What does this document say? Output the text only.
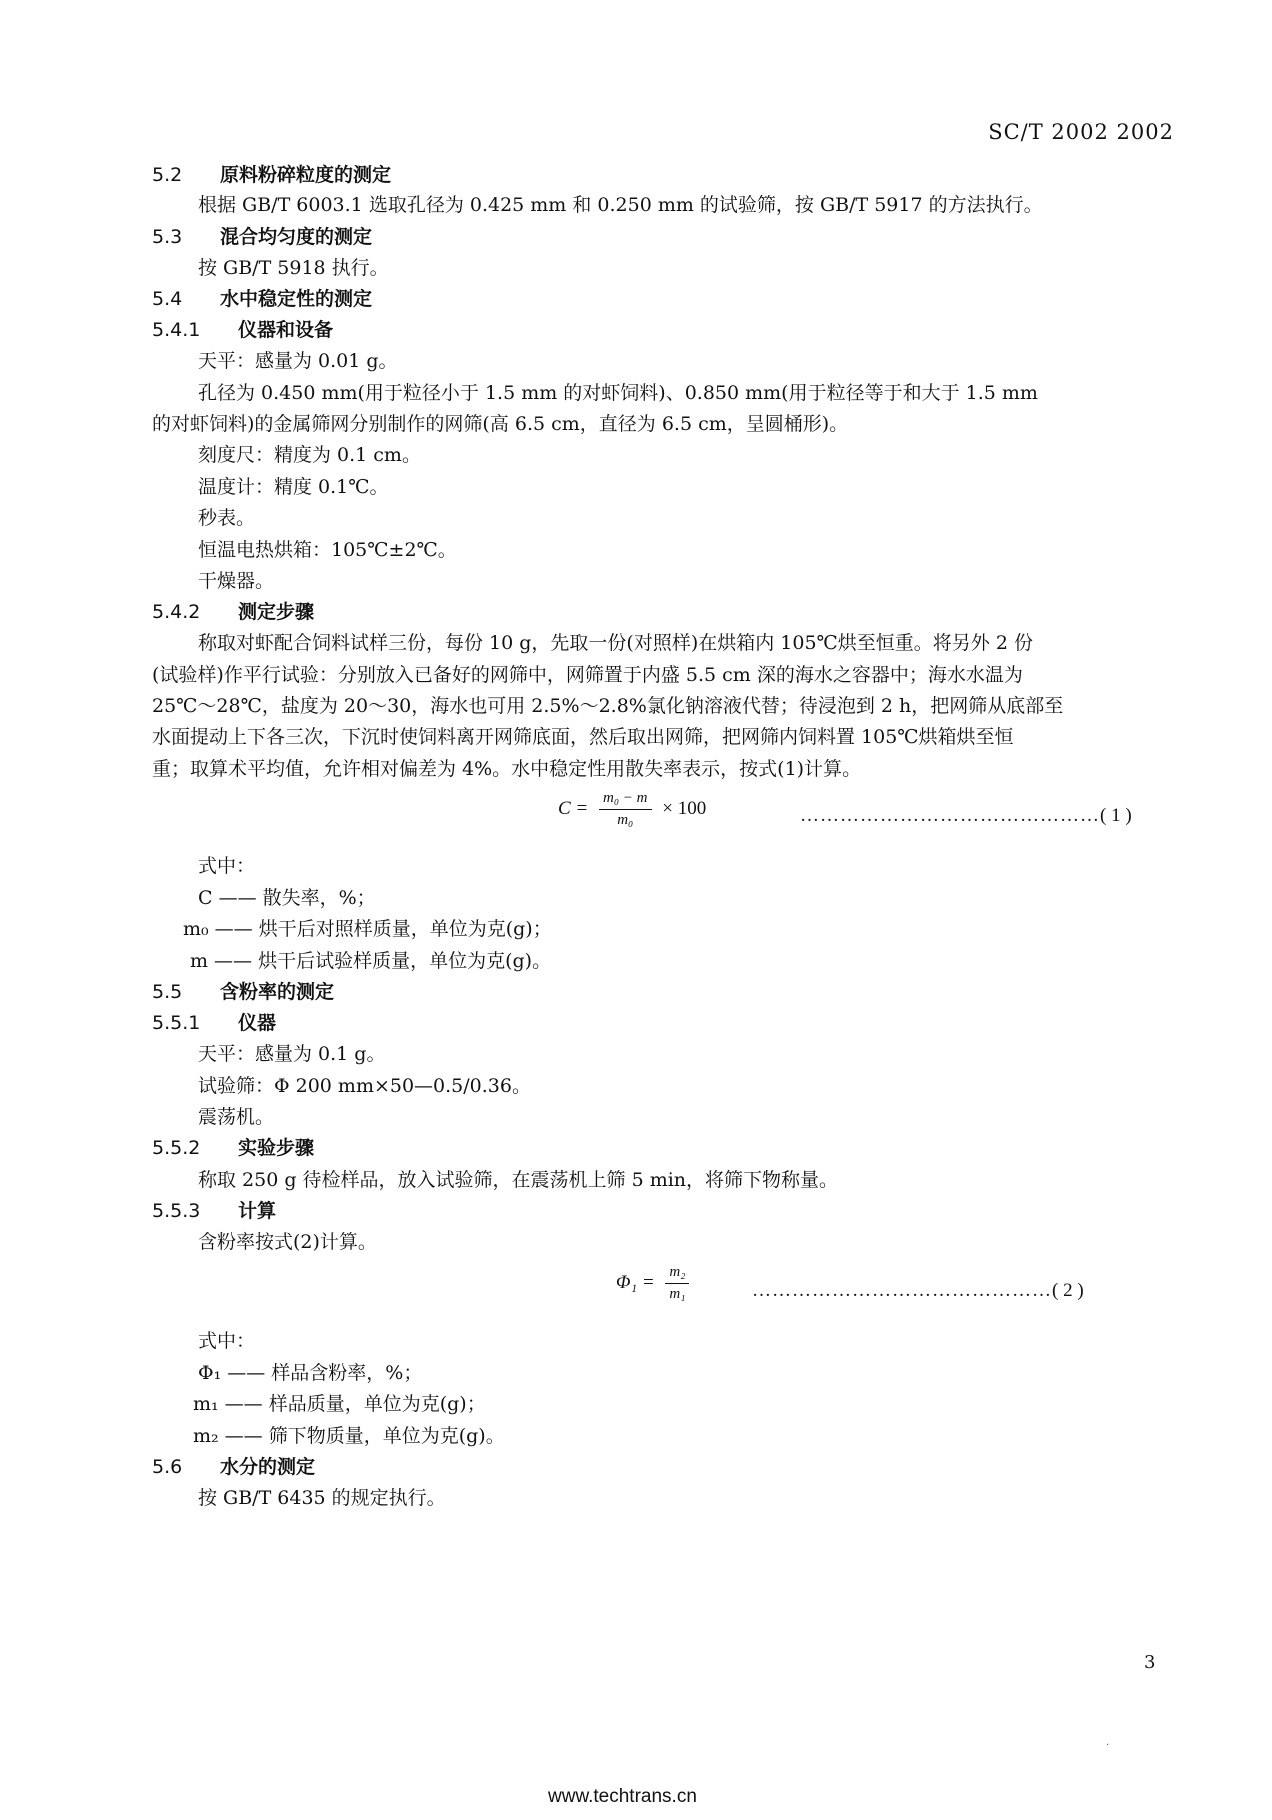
SC/T 2002 2002
5.2 原料粉碎粒度的测定
根据 GB/T 6003.1 选取孔径为 0.425 mm 和 0.250 mm 的试验筛，按 GB/T 5917 的方法执行。
5.3 混合均匀度的测定
按 GB/T 5918 执行。
5.4 水中稳定性的测定
5.4.1 仪器和设备
天平：感量为 0.01 g。
孔径为 0.450 mm(用于粒径小于 1.5 mm 的对虾饲料)、0.850 mm(用于粒径等于和大于 1.5 mm
的对虾饲料)的金属筛网分别制作的网筛(高 6.5 cm，直径为 6.5 cm，呈圆桶形)。
刻度尺：精度为 0.1 cm。
温度计：精度 0.1℃。
秒表。
恒温电热烘箱：105℃±2℃。
干燥器。
5.4.2 测定步骤
称取对虾配合饲料试样三份，每份 10 g，先取一份(对照样)在烘箱内 105℃烘至恒重。将另外 2 份
(试验样)作平行试验：分别放入已备好的网筛中，网筛置于内盛 5.5 cm 深的海水之容器中；海水水温为
25℃～28℃，盐度为 20～30，海水也可用 2.5%～2.8%氯化钠溶液代替；待浸泡到 2 h，把网筛从底部至
水面提动上下各三次，下沉时使饲料离开网筛底面，然后取出网筛，把网筛内饲料置 105℃烘箱烘至恒
重；取算术平均值，允许相对偏差为 4%。水中稳定性用散失率表示，按式(1)计算。
$C = \frac{\text{m₀ − m}}{\text{m₀}} \times 100$	………………………………………( 1 )
式中：
C —— 散失率，%；
m₀ —— 烘干后对照样质量，单位为克(g)；
m —— 烘干后试验样质量，单位为克(g)。
5.5 含粉率的测定
5.5.1 仪器
天平：感量为 0.1 g。
试验筛：Φ 200 mm×50—0.5/0.36。
震荡机。
5.5.2 实验步骤
称取 250 g 待检样品，放入试验筛，在震荡机上筛 5 min，将筛下物称量。
5.5.3 计算
含粉率按式(2)计算。
$\Phi_1 = \frac{\text{m₂}}{\text{m₁}}$	………………………………………( 2 )
式中：
Φ₁ —— 样品含粉率，%；
m₁ —— 样品质量，单位为克(g)；
m₂ —— 筛下物质量，单位为克(g)。
5.6 水分的测定
按 GB/T 6435 的规定执行。
3
·
www.techtrans.cn
